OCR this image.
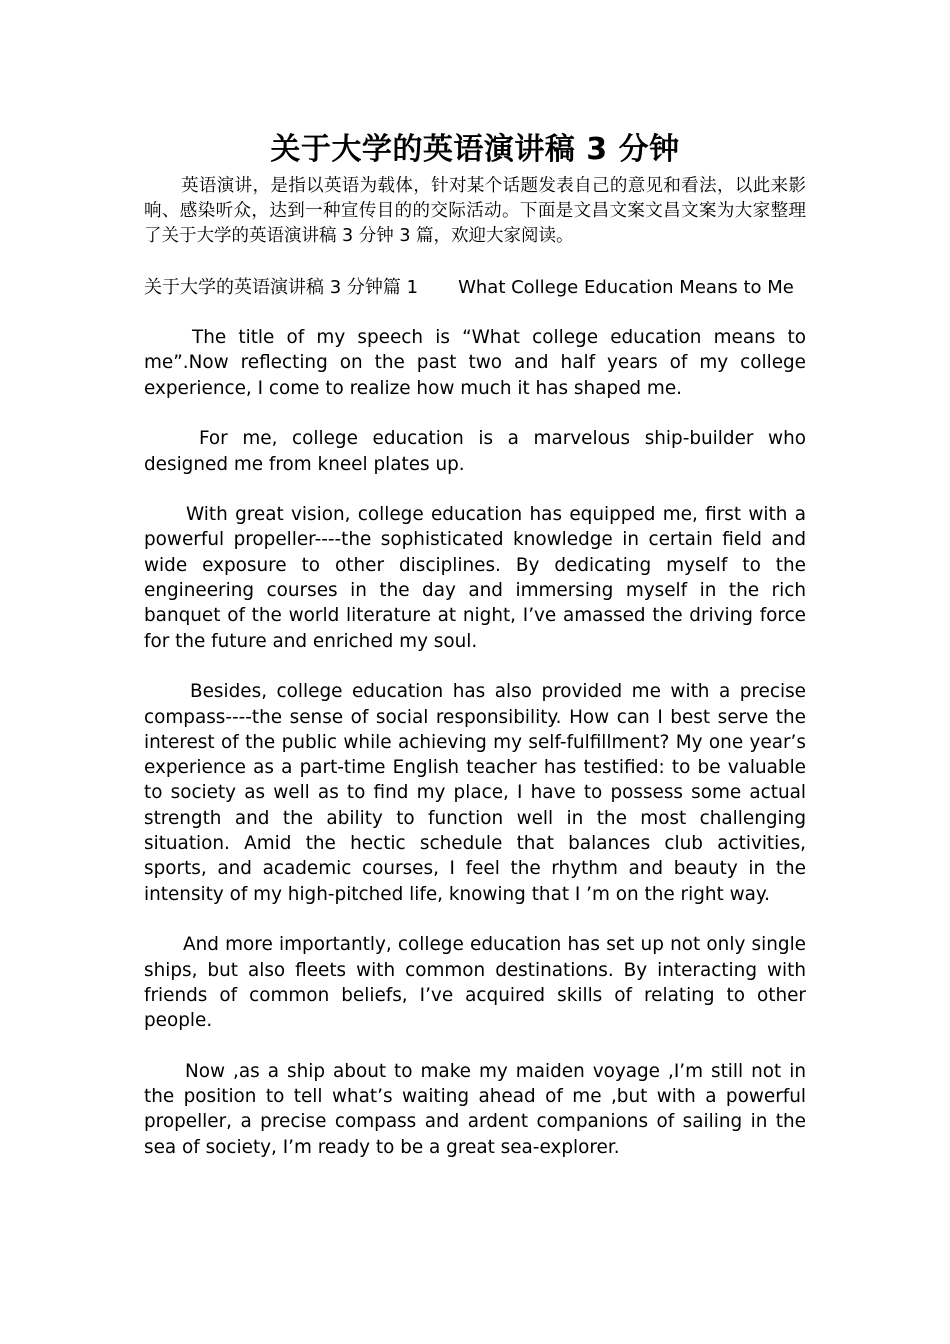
关于大学的英语演讲稿 3 分钟

英语演讲，是指以英语为载体，针对某个话题发表自己的意见和看法，以此来影响、感染听众，达到一种宣传目的的交际活动。下面是文昌文案文昌文案为大家整理了关于大学的英语演讲稿 3 分钟 3 篇，欢迎大家阅读。

关于大学的英语演讲稿 3 分钟篇 1 What College Education Means to Me

The title of my speech is “What college education means to me”.Now reflecting on the past two and half years of my college experience, I come to realize how much it has shaped me.

For me, college education is a marvelous ship-builder who designed me from kneel plates up.

With great vision, college education has equipped me, first with a powerful propeller----the sophisticated knowledge in certain field and wide exposure to other disciplines. By dedicating myself to the engineering courses in the day and immersing myself in the rich banquet of the world literature at night, I’ve amassed the driving force for the future and enriched my soul.

Besides, college education has also provided me with a precise compass----the sense of social responsibility. How can I best serve the interest of the public while achieving my self-fulfillment? My one year’s experience as a part-time English teacher has testified: to be valuable to society as well as to find my place, I have to possess some actual strength and the ability to function well in the most challenging situation. Amid the hectic schedule that balances club activities, sports, and academic courses, I feel the rhythm and beauty in the intensity of my high-pitched life, knowing that I ’m on the right way.

And more importantly, college education has set up not only single ships, but also fleets with common destinations. By interacting with friends of common beliefs, I’ve acquired skills of relating to other people.

Now ,as a ship about to make my maiden voyage ,I’m still not in the position to tell what’s waiting ahead of me ,but with a powerful propeller, a precise compass and ardent companions of sailing in the sea of society, I’m ready to be a great sea-explorer.
